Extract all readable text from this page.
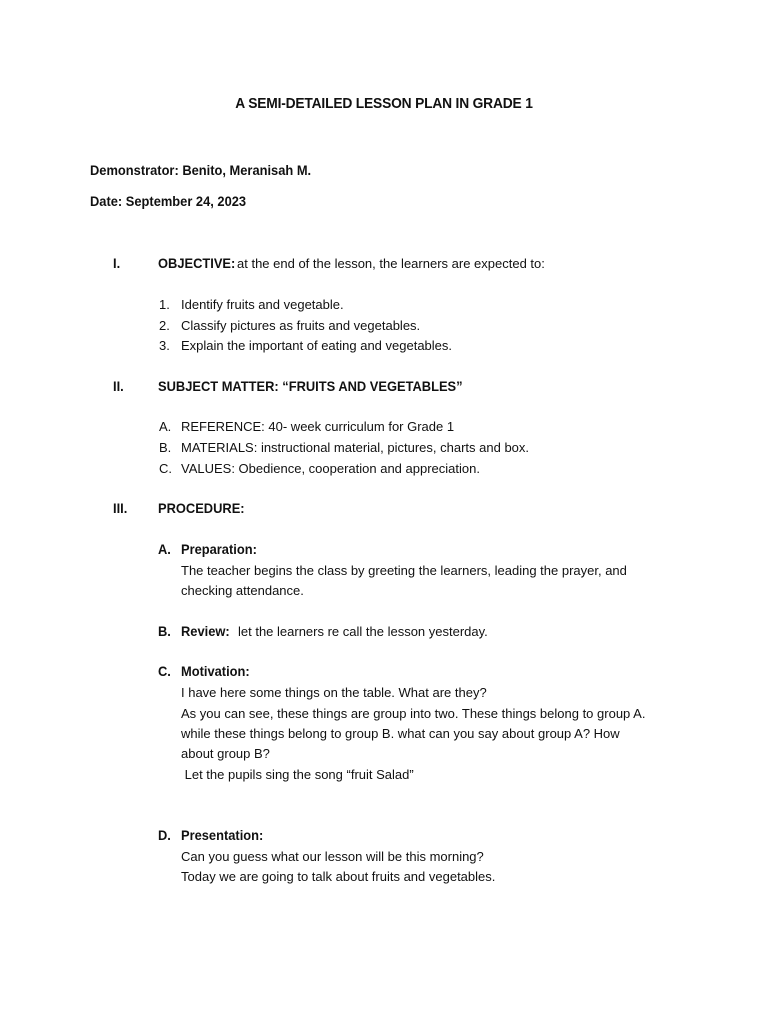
A SEMI-DETAILED LESSON PLAN IN GRADE 1
Demonstrator: Benito, Meranisah M.
Date: September 24, 2023
I.	OBJECTIVE: at the end of the lesson, the learners are expected to:
1. Identify fruits and vegetable.
2. Classify pictures as fruits and vegetables.
3. Explain the important of eating and vegetables.
II. SUBJECT MATTER: “FRUITS AND VEGETABLES”
A. REFERENCE: 40- week curriculum for Grade 1
B. MATERIALS: instructional material, pictures, charts and box.
C. VALUES: Obedience, cooperation and appreciation.
III. PROCEDURE:
A. Preparation:
The teacher begins the class by greeting the learners, leading the prayer, and
checking attendance.
B. Review: let the learners re call the lesson yesterday.
C. Motivation:
I have here some things on the table. What are they?
As you can see, these things are group into two. These things belong to group A.
while these things belong to group B. what can you say about group A? How
about group B?
Let the pupils sing the song “fruit Salad”
D. Presentation:
Can you guess what our lesson will be this morning?
Today we are going to talk about fruits and vegetables.
